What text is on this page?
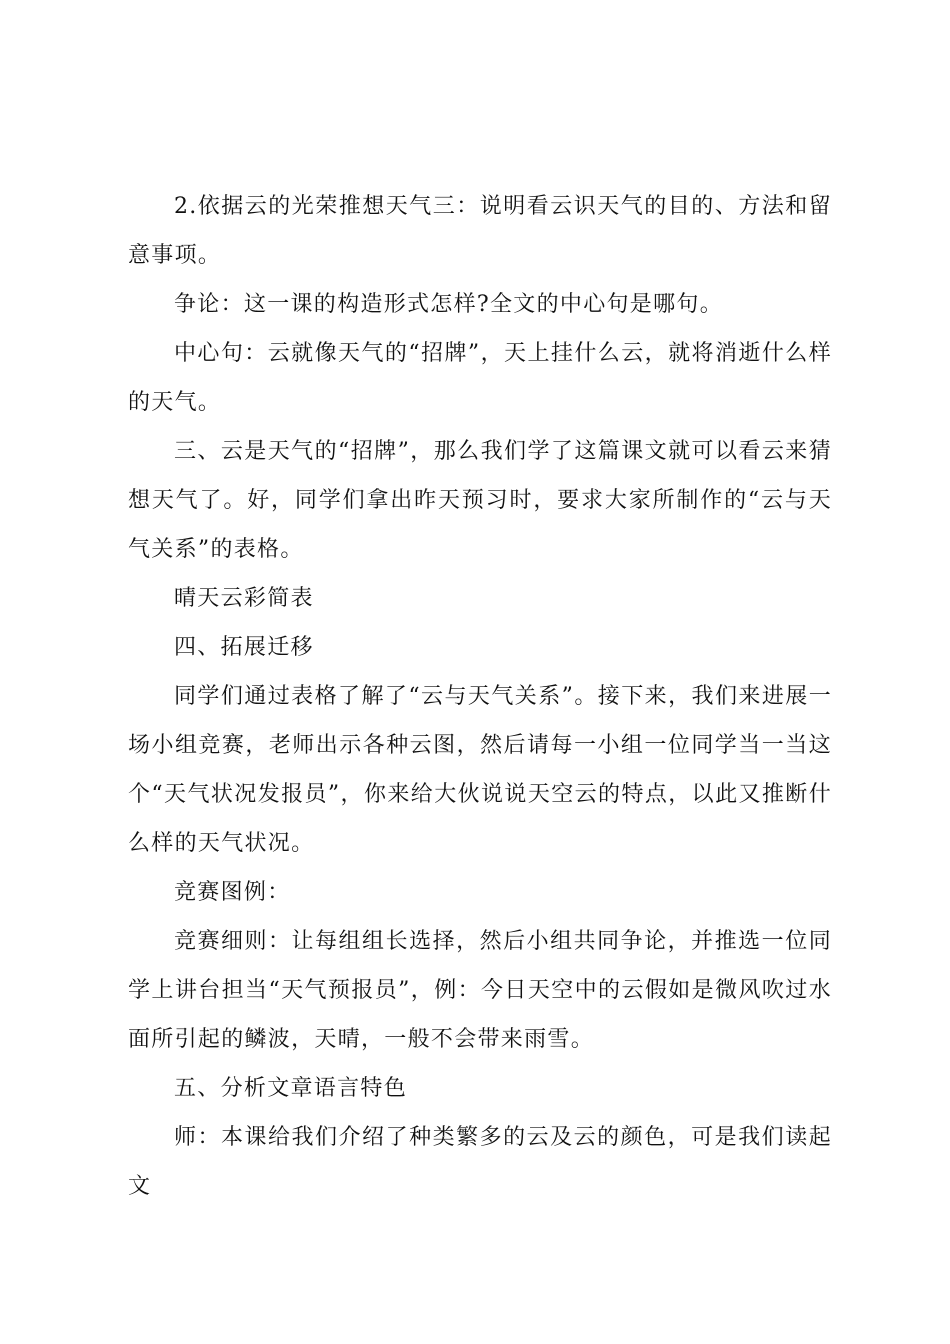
2.依据云的光荣推想天气三：说明看云识天气的目的、方法和留意事项。

争论：这一课的构造形式怎样?全文的中心句是哪句。

中心句：云就像天气的“招牌”，天上挂什么云，就将消逝什么样的天气。

三、云是天气的“招牌”，那么我们学了这篇课文就可以看云来猜想天气了。好，同学们拿出昨天预习时，要求大家所制作的“云与天气关系”的表格。

晴天云彩简表

四、拓展迁移

同学们通过表格了解了“云与天气关系”。接下来，我们来进展一场小组竞赛，老师出示各种云图，然后请每一小组一位同学当一当这个“天气状况发报员”，你来给大伙说说天空云的特点，以此又推断什么样的天气状况。

竞赛图例：

竞赛细则：让每组组长选择，然后小组共同争论，并推选一位同学上讲台担当“天气预报员”，例：今日天空中的云假如是微风吹过水面所引起的鳞波，天晴，一般不会带来雨雪。

五、分析文章语言特色

师：本课给我们介绍了种类繁多的云及云的颜色，可是我们读起文
